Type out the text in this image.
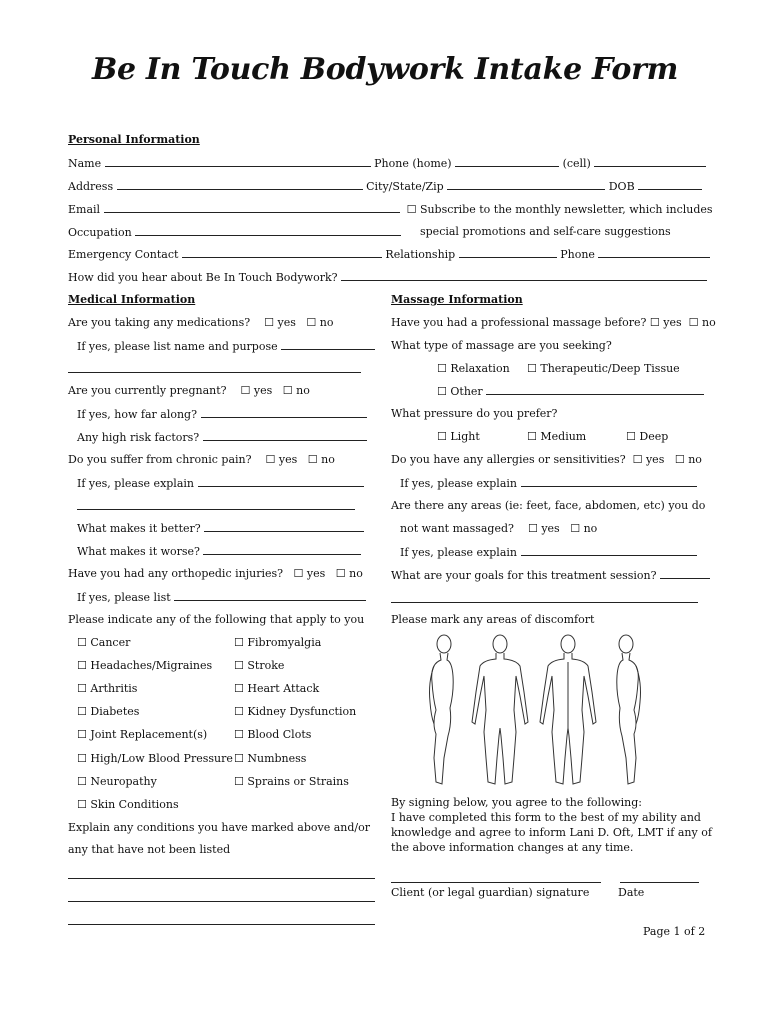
Be In Touch Bodywork Intake Form
Personal Information
Name	Phone (home)	(cell)
Address	City/State/Zip	DOB
Email	☐ Subscribe to the monthly newsletter, which includes
Occupation	special promotions and self-care suggestions
Emergency Contact	Relationship	Phone
How did you hear about Be In Touch Bodywork?
Medical Information
Are you taking any medications? ☐ yes ☐ no
If yes, please list name and purpose
Are you currently pregnant? ☐ yes ☐ no
If yes, how far along?
Any high risk factors?
Do you suffer from chronic pain? ☐ yes ☐ no
If yes, please explain
What makes it better?
What makes it worse?
Have you had any orthopedic injuries? ☐ yes ☐ no
If yes, please list
Please indicate any of the following that apply to you
☐ Cancer
☐ Headaches/Migraines
☐ Arthritis
☐ Diabetes
☐ Joint Replacement(s)
☐ High/Low Blood Pressure
☐ Neuropathy
☐ Skin Conditions
☐ Fibromyalgia
☐ Stroke
☐ Heart Attack
☐ Kidney Dysfunction
☐ Blood Clots
☐ Numbness
☐ Sprains or Strains
Explain any conditions you have marked above and/or
any that have not been listed
Massage Information
Have you had a professional massage before? ☐ yes ☐ no
What type of massage are you seeking?
☐ Relaxation ☐ Therapeutic/Deep Tissue
☐ Other
What pressure do you prefer?
☐ Light	☐ Medium	☐ Deep
Do you have any allergies or sensitivities? ☐ yes ☐ no
If yes, please explain
Are there any areas (ie: feet, face, abdomen, etc) you do
not want massaged? ☐ yes ☐ no
If yes, please explain
What are your goals for this treatment session?
Please mark any areas of discomfort
By signing below, you agree to the following:
I have completed this form to the best of my ability and
knowledge and agree to inform Lani D. Oft, LMT if any of
the above information changes at any time.
Client (or legal guardian) signature	Date
Page 1 of 2
